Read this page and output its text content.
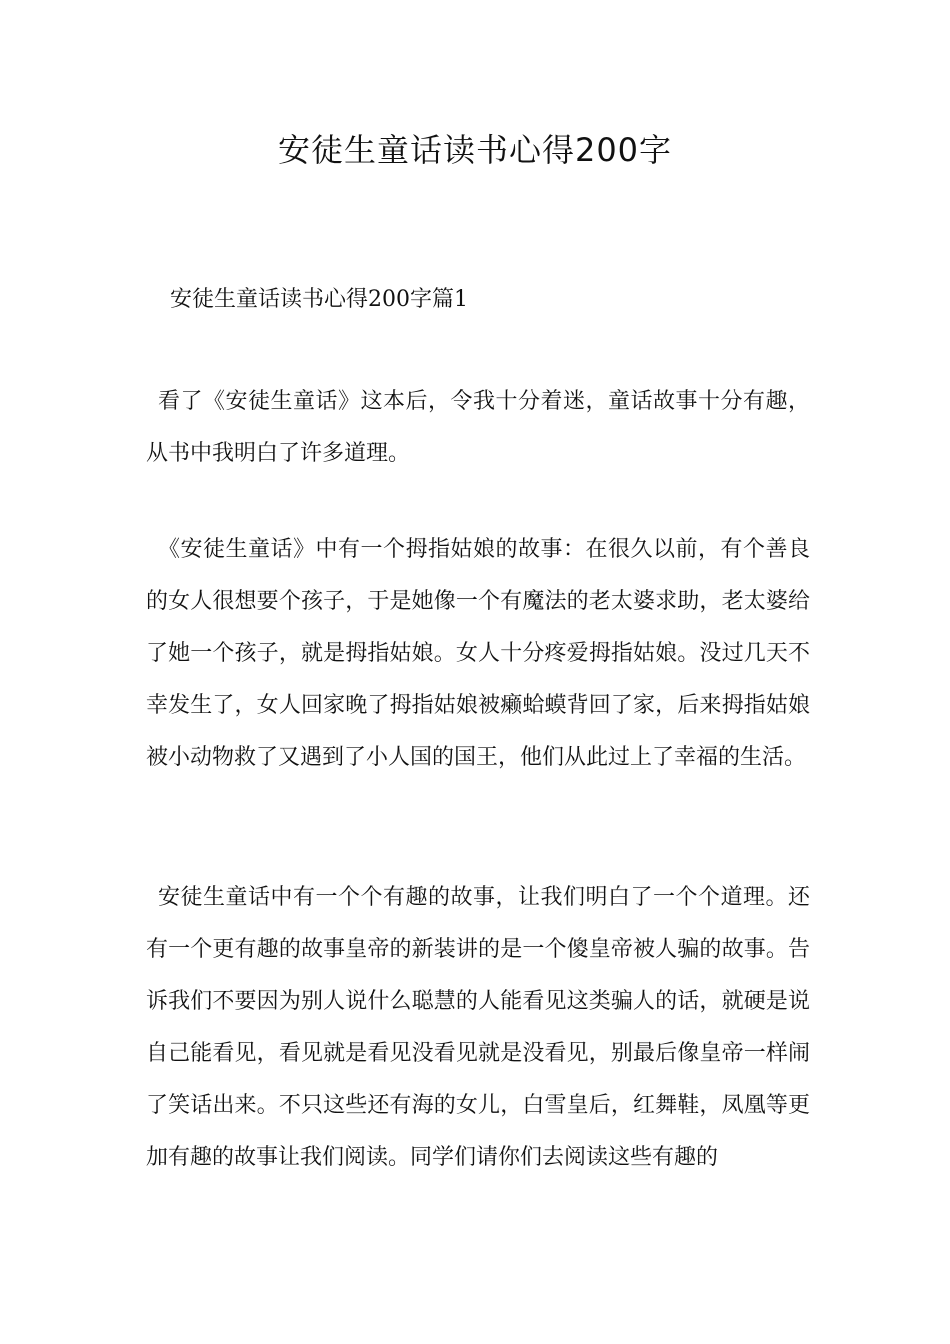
安徒生童话读书心得200字
安徒生童话读书心得200字篇1

看了《安徒生童话》这本后，令我十分着迷，童话故事十分有趣，从书中我明白了许多道理。

《安徒生童话》中有一个拇指姑娘的故事：在很久以前，有个善良的女人很想要个孩子，于是她像一个有魔法的老太婆求助，老太婆给了她一个孩子，就是拇指姑娘。女人十分疼爱拇指姑娘。没过几天不幸发生了，女人回家晚了拇指姑娘被癞蛤蟆背回了家，后来拇指姑娘被小动物救了又遇到了小人国的国王，他们从此过上了幸福的生活。

安徒生童话中有一个个有趣的故事，让我们明白了一个个道理。还有一个更有趣的故事皇帝的新装讲的是一个傻皇帝被人骗的故事。告诉我们不要因为别人说什么聪慧的人能看见这类骗人的话，就硬是说自己能看见，看见就是看见没看见就是没看见，别最后像皇帝一样闹了笑话出来。不只这些还有海的女儿，白雪皇后，红舞鞋，凤凰等更加有趣的故事让我们阅读。同学们请你们去阅读这些有趣的
